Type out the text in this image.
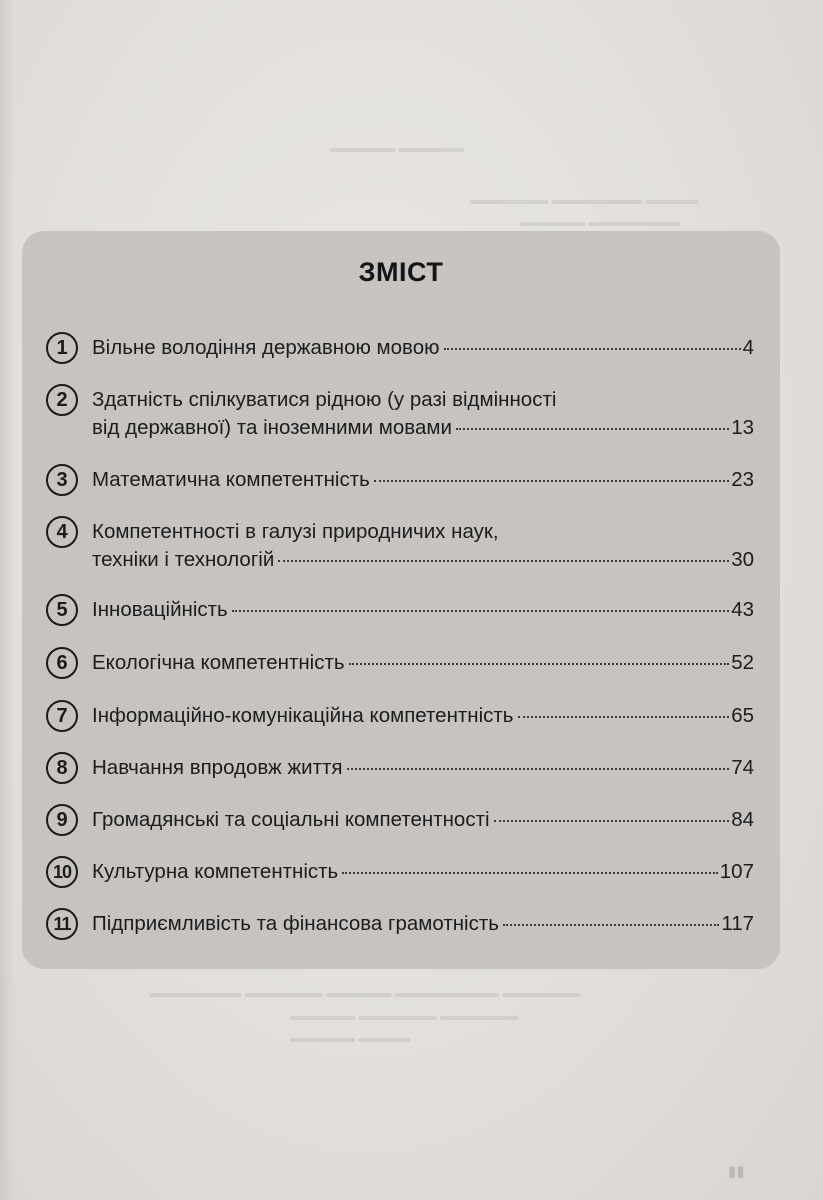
▬▬▬▬▬ ▬▬▬▬▬
▬▬▬▬▬▬ ▬▬▬▬▬▬▬ ▬▬▬▬
▬▬▬▬▬ ▬▬▬▬▬▬▬
▬▬▬▬▬▬▬ ▬▬▬▬▬▬ ▬▬▬▬▬ ▬▬▬▬▬▬▬▬ ▬▬▬▬▬▬
▬▬▬▬▬ ▬▬▬▬▬▬ ▬▬▬▬▬▬
▬▬▬▬▬ ▬▬▬▬
▮▮
ЗМІСТ
1	Вільне володіння державною мовою	4
2	Здатність спілкуватися рідною (у разі відмінності
від державної) та іноземними мовами	13
3	Математична компетентність	23
4	Компетентності в галузі природничих наук,
техніки і технологій	30
5	Інноваційність	43
6	Екологічна компетентність	52
7	Інформаційно-комунікаційна компетентність	65
8	Навчання впродовж життя	74
9	Громадянські та соціальні компетентності	84
10	Культурна компетентність	107
11	Підприємливість та фінансова грамотність	117
